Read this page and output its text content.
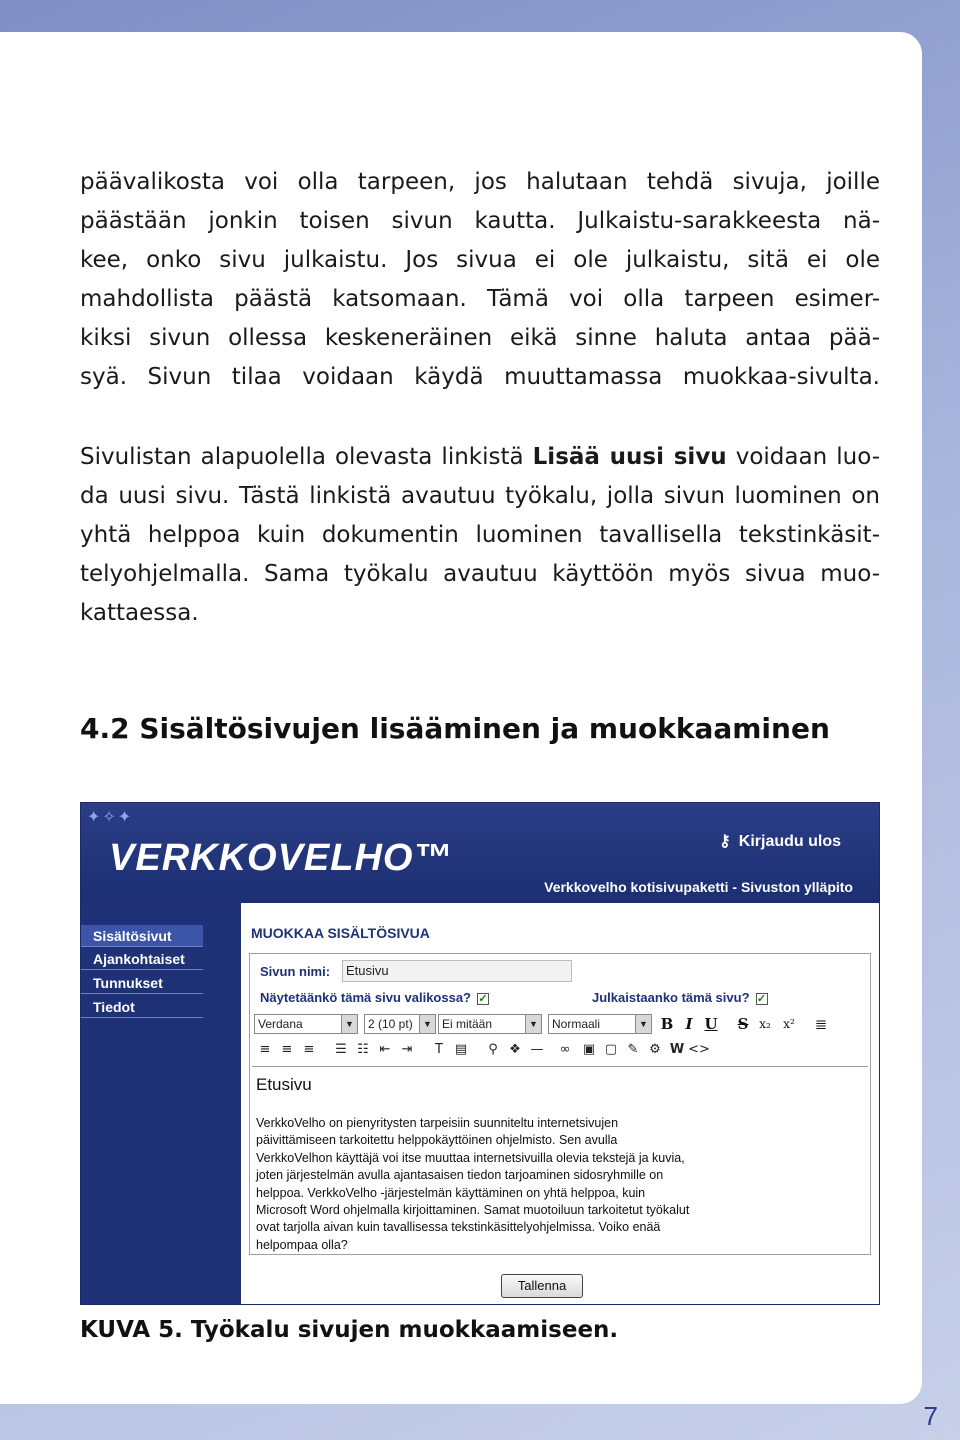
päävalikosta voi olla tarpeen, jos halutaan tehdä sivuja, joille
päästään jonkin toisen sivun kautta. Julkaistu-sarakkeesta nä-
kee, onko sivu julkaistu. Jos sivua ei ole julkaistu, sitä ei ole
mahdollista päästä katsomaan. Tämä voi olla tarpeen esimer-
kiksi sivun ollessa keskeneräinen eikä sinne haluta antaa pää-
syä. Sivun tilaa voidaan käydä muuttamassa muokkaa-sivulta.
Sivulistan alapuolella olevasta linkistä Lisää uusi sivu voidaan luo-
da uusi sivu. Tästä linkistä avautuu työkalu, jolla sivun luominen on
yhtä helppoa kuin dokumentin luominen tavallisella tekstinkäsit-
telyohjelmalla. Sama työkalu avautuu käyttöön myös sivua muo-
kattaessa.
4.2 Sisältösivujen lisääminen ja muokkaaminen
✦✧✦
VERKKOVELHO™	⚷ Kirjaudu ulos
Verkkovelho kotisivupaketti - Sivuston ylläpito
Sisältösivut
Ajankohtaiset
Tunnukset
Tiedot
MUOKKAA SISÄLTÖSIVUA
Sivun nimi:	Etusivu
Näytetäänkö tämä sivu valikossa? ✓	Julkaistaanko tämä sivu? ✓
Verdana	▼	2 (10 pt)	▼ Ei mitään	▼	Normaali	▼ B I U	S x₂	x²	≣
≡ ≡ ≡	☰ ☷ ⇤ ⇥	T ▤	⚲ ❖ —	∞ ▣ ▢ ✎ ⚙ W <>
Etusivu
VerkkoVelho on pienyritysten tarpeisiin suunniteltu internetsivujen
päivittämiseen tarkoitettu helppokäyttöinen ohjelmisto. Sen avulla
VerkkoVelhon käyttäjä voi itse muuttaa internetsivuilla olevia tekstejä ja kuvia,
joten järjestelmän avulla ajantasaisen tiedon tarjoaminen sidosryhmille on
helppoa. VerkkoVelho -järjestelmän käyttäminen on yhtä helppoa, kuin
Microsoft Word ohjelmalla kirjoittaminen. Samat muotoiluun tarkoitetut työkalut
ovat tarjolla aivan kuin tavallisessa tekstinkäsittelyohjelmissa. Voiko enää
helpompaa olla?
Tallenna
KUVA 5. Työkalu sivujen muokkaamiseen.
7
